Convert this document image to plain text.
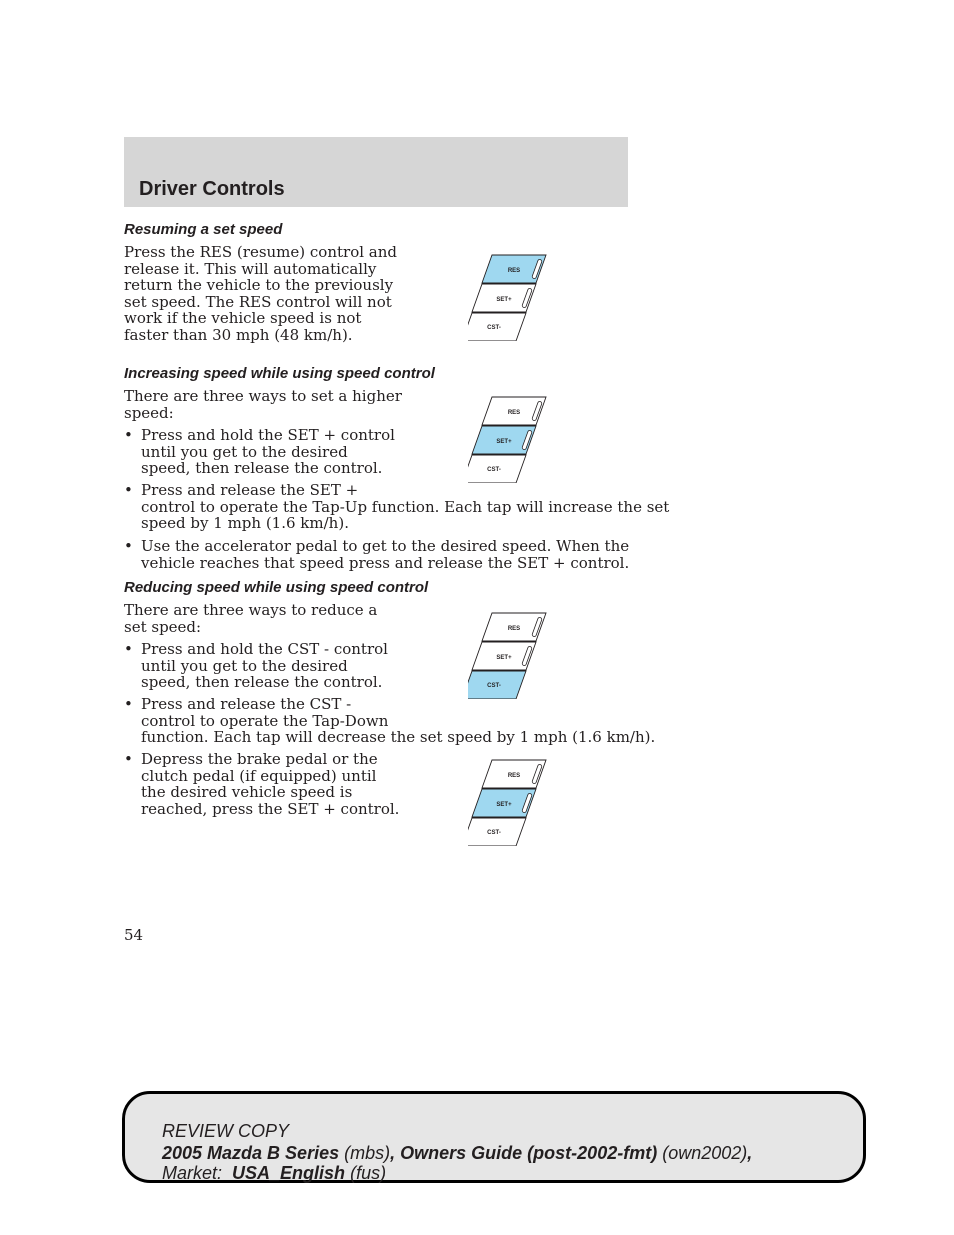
Driver Controls
Resuming a set speed

Press the RES (resume) control and

release it. This will automatically

return the vehicle to the previously

set speed. The RES control will not

work if the vehicle speed is not

faster than 30 mph (48 km/h).

Increasing speed while using speed control

There are three ways to set a higher

speed:

• Press and hold the SET + control

until you get to the desired

speed, then release the control.

• Press and release the SET +

control to operate the Tap-Up function. Each tap will increase the set

speed by 1 mph (1.6 km/h).

• Use the accelerator pedal to get to the desired speed. When the

vehicle reaches that speed press and release the SET + control.

Reducing speed while using speed control

There are three ways to reduce a

set speed:

• Press and hold the CST - control

until you get to the desired

speed, then release the control.

• Press and release the CST -

control to operate the Tap-Down

function. Each tap will decrease the set speed by 1 mph (1.6 km/h).

• Depress the brake pedal or the

clutch pedal (if equipped) until

the desired vehicle speed is

reached, press the SET + control.

RES
SET+
CST-
RES
SET+
CST-
RES
SET+
CST-
RES
SET+
CST-

54

REVIEW COPY

2005 Mazda B Series (mbs), Owners Guide (post-2002-fmt) (own2002),

Market: USA_English (fus)
